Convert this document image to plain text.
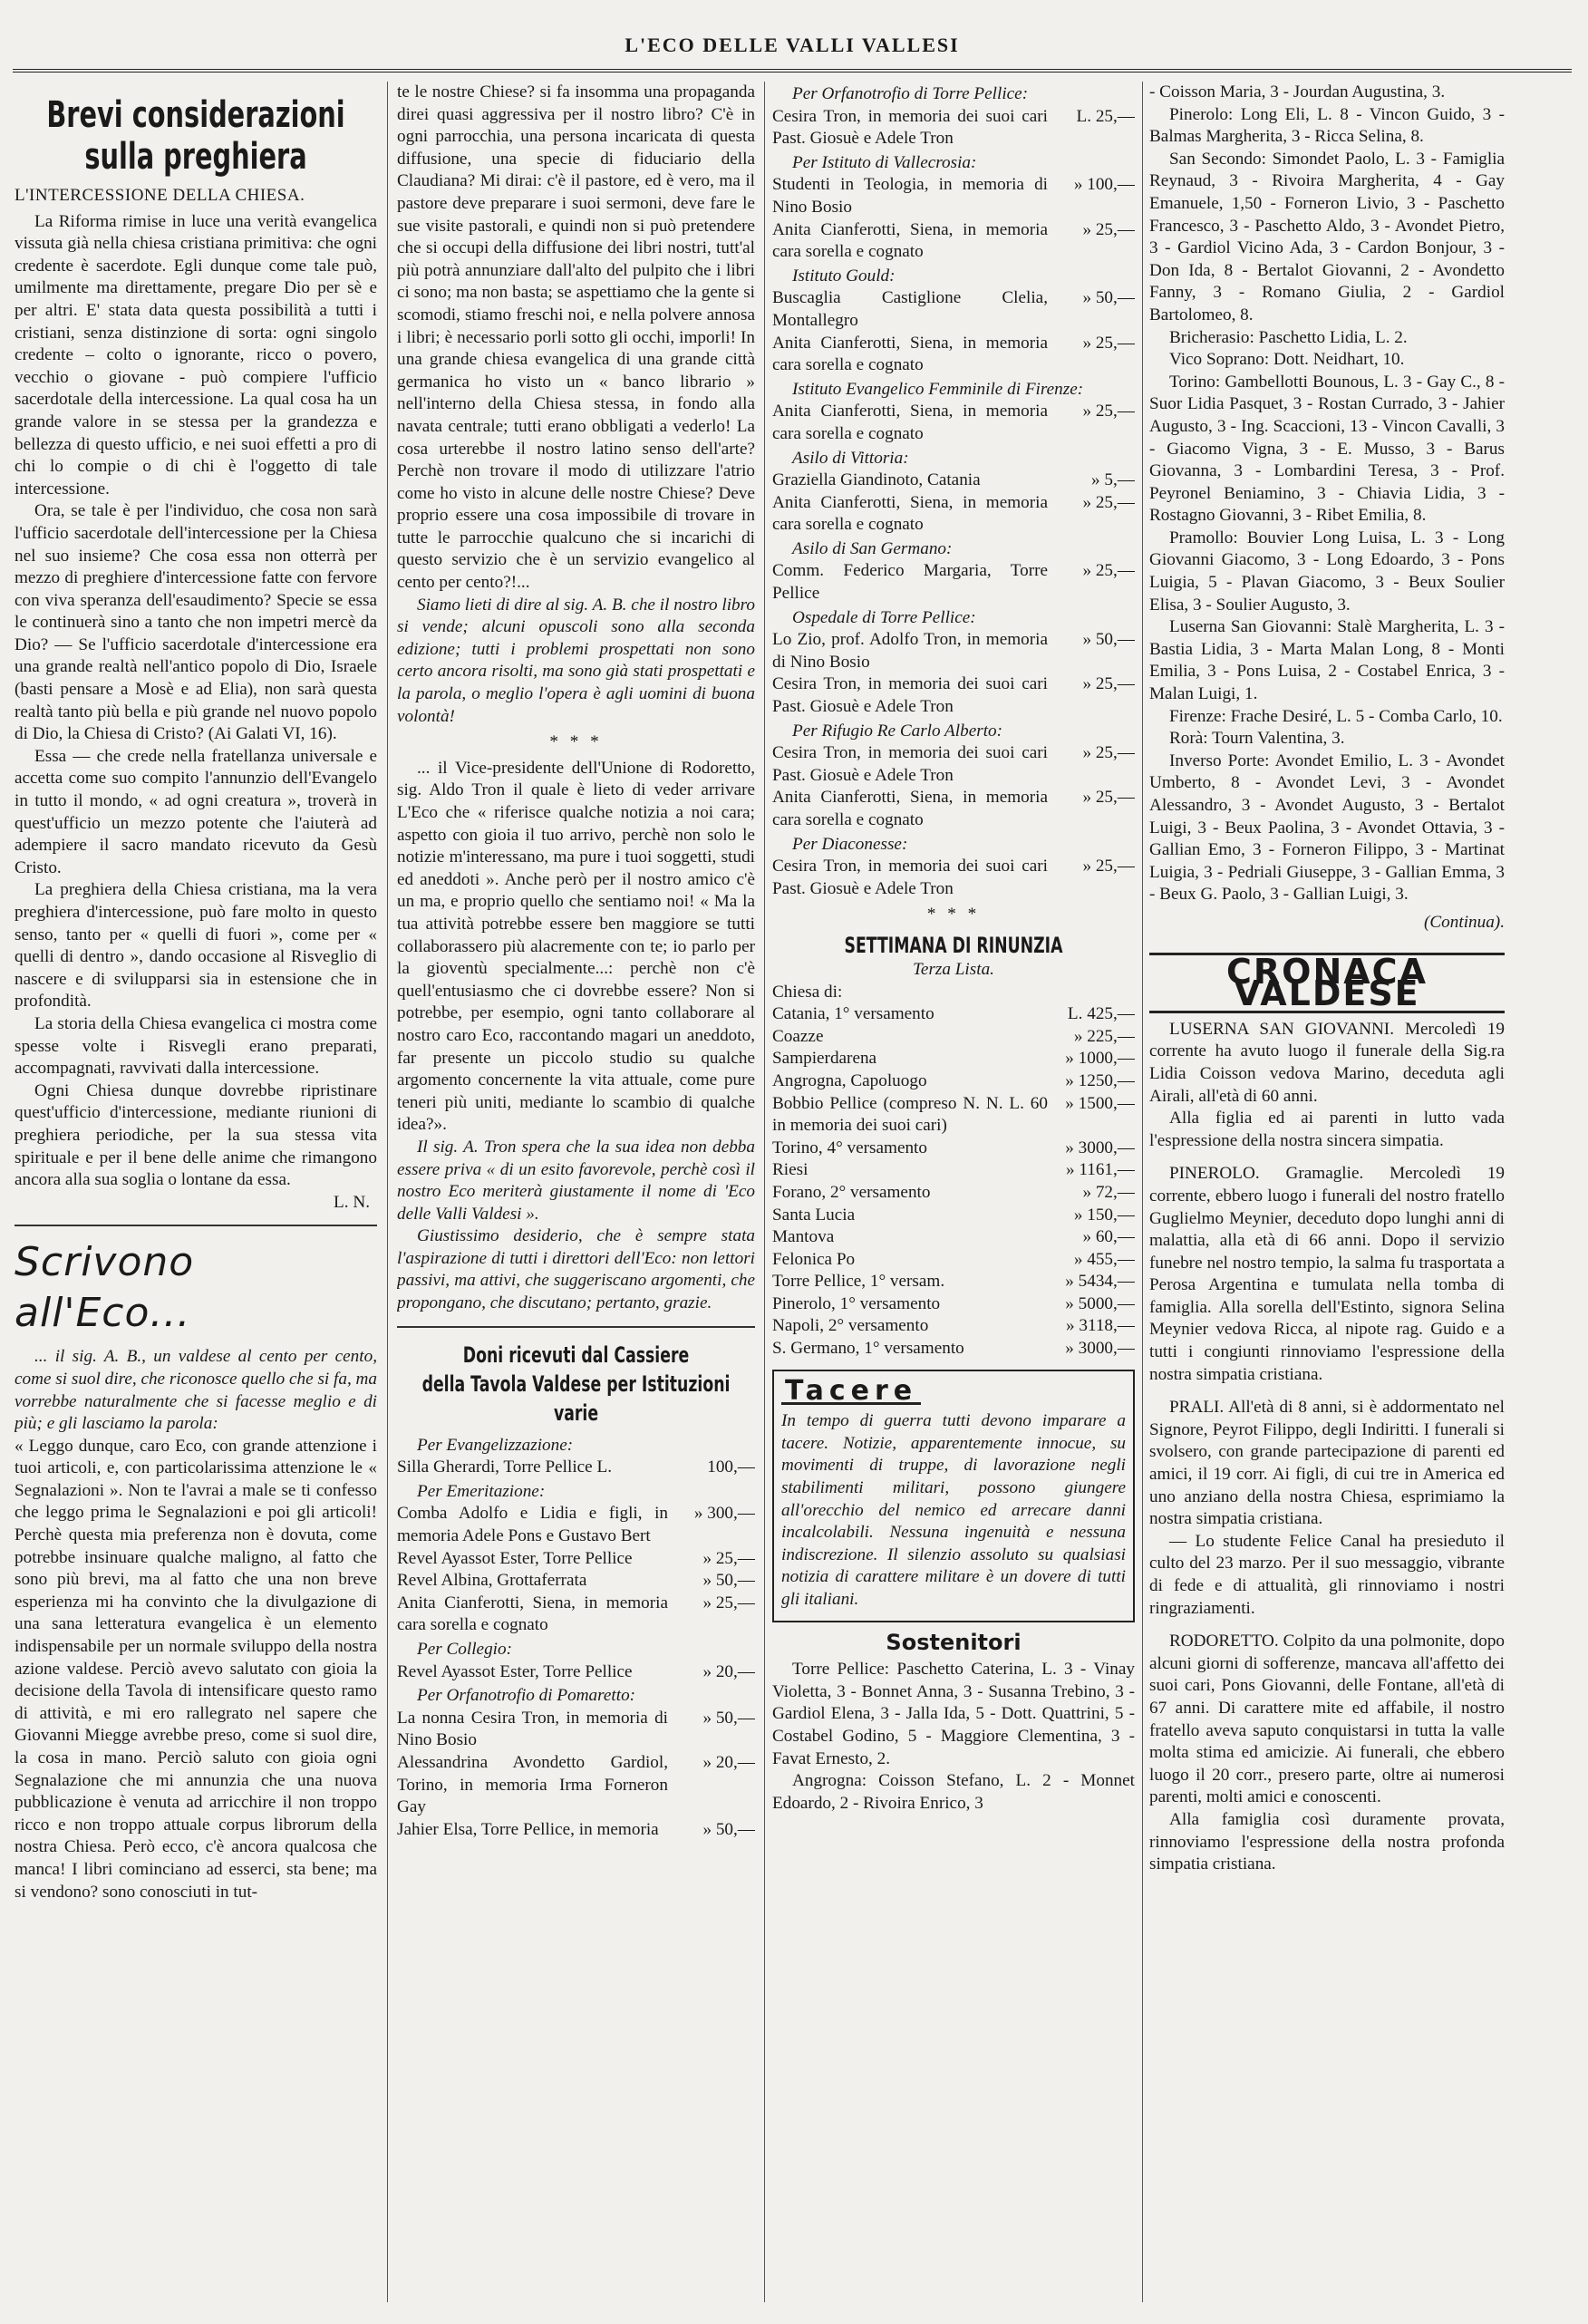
L'ECO DELLE VALLI VALLESI
Brevi considerazioni
sulla preghiera
L'INTERCESSIONE DELLA CHIESA.

La Riforma rimise in luce una verità evangelica vissuta già nella chiesa cristiana primitiva: che ogni credente è sacerdote. Egli dunque come tale può, umilmente ma direttamente, pregare Dio per sè e per altri. E' stata data questa possibilità a tutti i cristiani, senza distinzione di sorta: ogni singolo credente – colto o ignorante, ricco o povero, vecchio o giovane - può compiere l'ufficio sacerdotale della intercessione. La qual cosa ha un grande valore in se stessa per la grandezza e bellezza di questo ufficio, e nei suoi effetti a pro di chi lo compie o di chi è l'oggetto di tale intercessione.

Ora, se tale è per l'individuo, che cosa non sarà l'ufficio sacerdotale dell'intercessione per la Chiesa nel suo insieme? Che cosa essa non otterrà per mezzo di preghiere d'intercessione fatte con fervore con viva speranza dell'esaudimento? Specie se essa le continuerà sino a tanto che non impetri mercè da Dio? — Se l'ufficio sacerdotale d'intercessione era una grande realtà nell'antico popolo di Dio, Israele (basti pensare a Mosè e ad Elia), non sarà questa realtà tanto più bella e più grande nel nuovo popolo di Dio, la Chiesa di Cristo? (Ai Galati VI, 16).

Essa — che crede nella fratellanza universale e accetta come suo compito l'annunzio dell'Evangelo in tutto il mondo, « ad ogni creatura », troverà in quest'ufficio un mezzo potente che l'aiuterà ad adempiere il sacro mandato ricevuto da Gesù Cristo.

La preghiera della Chiesa cristiana, ma la vera preghiera d'intercessione, può fare molto in questo senso, tanto per « quelli di fuori », come per « quelli di dentro », dando occasione al Risveglio di nascere e di svilupparsi sia in estensione che in profondità.

La storia della Chiesa evangelica ci mostra come spesse volte i Risvegli erano preparati, accompagnati, ravvivati dalla intercessione.

Ogni Chiesa dunque dovrebbe ripristinare quest'ufficio d'intercessione, mediante riunioni di preghiera periodiche, per la sua stessa vita spirituale e per il bene delle anime che rimangono ancora alla sua soglia o lontane da essa.

L. N.
Scrivono all'Eco...

... il sig. A. B., un valdese al cento per cento, come si suol dire, che riconosce quello che si fa, ma vorrebbe naturalmente che si facesse meglio e di più; e gli lasciamo la parola:

« Leggo dunque, caro Eco, con grande attenzione i tuoi articoli, e, con particolarissima attenzione le « Segnalazioni ». Non te l'avrai a male se ti confesso che leggo prima le Segnalazioni e poi gli articoli! Perchè questa mia preferenza non è dovuta, come potrebbe insinuare qualche maligno, al fatto che sono più brevi, ma al fatto che una non breve esperienza mi ha convinto che la divulgazione di una sana letteratura evangelica è un elemento indispensabile per un normale sviluppo della nostra azione valdese. Perciò avevo salutato con gioia la decisione della Tavola di intensificare questo ramo di attività, e mi ero rallegrato nel sapere che Giovanni Miegge avrebbe preso, come si suol dire, la cosa in mano. Perciò saluto con gioia ogni Segnalazione che mi annunzia che una nuova pubblicazione è venuta ad arricchire il non troppo ricco e non troppo attuale corpus librorum della nostra Chiesa. Però ecco, c'è ancora qualcosa che manca! I libri cominciano ad esserci, sta bene; ma si vendono? sono conosciuti in tut-

te le nostre Chiese? si fa insomma una propaganda direi quasi aggressiva per il nostro libro? C'è in ogni parrocchia, una persona incaricata di questa diffusione, una specie di fiduciario della Claudiana? Mi dirai: c'è il pastore, ed è vero, ma il pastore deve preparare i suoi sermoni, deve fare le sue visite pastorali, e quindi non si può pretendere che si occupi della diffusione dei libri nostri, tutt'al più potrà annunziare dall'alto del pulpito che i libri ci sono; ma non basta; se aspettiamo che la gente si scomodi, stiamo freschi noi, e nella polvere annosa i libri; è necessario porli sotto gli occhi, imporli! In una grande chiesa evangelica di una grande città germanica ho visto un « banco librario » nell'interno della Chiesa stessa, in fondo alla navata centrale; tutti erano obbligati a vederlo! La cosa urterebbe il nostro latino senso dell'arte? Perchè non trovare il modo di utilizzare l'atrio come ho visto in alcune delle nostre Chiese? Deve proprio essere una cosa impossibile di trovare in tutte le parrocchie qualcuno che si incarichi di questo servizio che è un servizio evangelico al cento per cento?!...

Siamo lieti di dire al sig. A. B. che il nostro libro si vende; alcuni opuscoli sono alla seconda edizione; tutti i problemi prospettati non sono certo ancora risolti, ma sono già stati prospettati e la parola, o meglio l'opera è agli uomini di buona volontà!

* * *

... il Vice-presidente dell'Unione di Rodoretto, sig. Aldo Tron il quale è lieto di veder arrivare L'Eco che « riferisce qualche notizia a noi cara; aspetto con gioia il tuo arrivo, perchè non solo le notizie m'interessano, ma pure i tuoi soggetti, studi ed aneddoti ». Anche però per il nostro amico c'è un ma, e proprio quello che sentiamo noi! « Ma la tua attività potrebbe essere ben maggiore se tutti collaborassero più alacremente con te; io parlo per la gioventù specialmente...: perchè non c'è quell'entusiasmo che ci dovrebbe essere? Non si potrebbe, per esempio, ogni tanto collaborare al nostro caro Eco, raccontando magari un aneddoto, far presente un piccolo studio su qualche argomento concernente la vita attuale, come pure teneri più uniti, mediante lo scambio di qualche idea?».

Il sig. A. Tron spera che la sua idea non debba essere priva « di un esito favorevole, perchè così il nostro Eco meriterà giustamente il nome di 'Eco delle Valli Valdesi ».

Giustissimo desiderio, che è sempre stata l'aspirazione di tutti i direttori dell'Eco: non lettori passivi, ma attivi, che suggeriscano argomenti, che propongano, che discutano; pertanto, grazie.

Doni ricevuti dal Cassiere
della Tavola Valdese per Istituzioni varie
Per Evangelizzazione:
Silla Gherardi, Torre Pellice L.	100,—
Per Emeritazione:
Comba Adolfo e Lidia e figli, in memoria Adele Pons e Gustavo Bert
» 300,—
Revel Ayassot Ester, Torre Pellice	» 25,—
Revel Albina, Grottaferrata	» 50,—
Anita Cianferotti, Siena, in memoria cara sorella e cognato
» 25,—
Per Collegio:
Revel Ayassot Ester, Torre Pellice	» 20,—
Per Orfanotrofio di Pomaretto:
La nonna Cesira Tron, in memoria di Nino Bosio
» 50,—
Alessandrina Avondetto Gardiol, Torino, in memoria Irma Forneron Gay
» 20,—
Jahier Elsa, Torre Pellice, in memoria	» 50,—
Per Orfanotrofio di Torre Pellice:
Cesira Tron, in memoria dei suoi cari Past. Giosuè e Adele Tron
L. 25,—
Per Istituto di Vallecrosia:
Studenti in Teologia, in memoria di Nino Bosio
» 100,—
Anita Cianferotti, Siena, in memoria cara sorella e cognato
» 25,—
Istituto Gould:
Buscaglia Castiglione Clelia, Montallegro
» 50,—
Anita Cianferotti, Siena, in memoria cara sorella e cognato
» 25,—
Istituto Evangelico Femminile di Firenze:
Anita Cianferotti, Siena, in memoria cara sorella e cognato
» 25,—
Asilo di Vittoria:
Graziella Giandinoto, Catania	» 5,—
Anita Cianferotti, Siena, in memoria cara sorella e cognato
» 25,—
Asilo di San Germano:
Comm. Federico Margaria, Torre Pellice
» 25,—
Ospedale di Torre Pellice:
Lo Zio, prof. Adolfo Tron, in memoria di Nino Bosio
» 50,—
Cesira Tron, in memoria dei suoi cari Past. Giosuè e Adele Tron
» 25,—
Per Rifugio Re Carlo Alberto:
Cesira Tron, in memoria dei suoi cari Past. Giosuè e Adele Tron
» 25,—
Anita Cianferotti, Siena, in memoria cara sorella e cognato
» 25,—
Per Diaconesse:
Cesira Tron, in memoria dei suoi cari Past. Giosuè e Adele Tron
» 25,—
* * *
SETTIMANA DI RINUNZIA
Terza Lista.
Chiesa di:
Catania, 1° versamento	L. 425,—
Coazze	» 225,—
Sampierdarena	» 1000,—
Angrogna, Capoluogo	» 1250,—
Bobbio Pellice (compreso N. N. L. 60 in memoria dei suoi cari)
» 1500,—
Torino, 4° versamento	» 3000,—
Riesi	» 1161,—
Forano, 2° versamento	» 72,—
Santa Lucia	» 150,—
Mantova	» 60,—
Felonica Po	» 455,—
Torre Pellice, 1° versam.	» 5434,—
Pinerolo, 1° versamento	» 5000,—
Napoli, 2° versamento	» 3118,—
S. Germano, 1° versamento	» 3000,—
Tacere

In tempo di guerra tutti devono imparare a tacere. Notizie, apparentemente innocue, su movimenti di truppe, di lavorazione negli stabilimenti militari, possono giungere all'orecchio del nemico ed arrecare danni incalcolabili. Nessuna ingenuità e nessuna indiscrezione. Il silenzio assoluto su qualsiasi notizia di carattere militare è un dovere di tutti gli italiani.

Sostenitori

Torre Pellice: Paschetto Caterina, L. 3 - Vinay Violetta, 3 - Bonnet Anna, 3 - Susanna Trebino, 3 - Gardiol Elena, 3 - Jalla Ida, 5 - Dott. Quattrini, 5 - Costabel Godino, 5 - Maggiore Clementina, 3 - Favat Ernesto, 2.

Angrogna: Coisson Stefano, L. 2 - Monnet Edoardo, 2 - Rivoira Enrico, 3

- Coisson Maria, 3 - Jourdan Augustina, 3.

Pinerolo: Long Eli, L. 8 - Vincon Guido, 3 - Balmas Margherita, 3 - Ricca Selina, 8.

San Secondo: Simondet Paolo, L. 3 - Famiglia Reynaud, 3 - Rivoira Margherita, 4 - Gay Emanuele, 1,50 - Forneron Livio, 3 - Paschetto Francesco, 3 - Paschetto Aldo, 3 - Avondet Pietro, 3 - Gardiol Vicino Ada, 3 - Cardon Bonjour, 3 - Don Ida, 8 - Bertalot Giovanni, 2 - Avondetto Fanny, 3 - Romano Giulia, 2 - Gardiol Bartolomeo, 8.

Bricherasio: Paschetto Lidia, L. 2.

Vico Soprano: Dott. Neidhart, 10.

Torino: Gambellotti Bounous, L. 3 - Gay C., 8 - Suor Lidia Pasquet, 3 - Rostan Currado, 3 - Jahier Augusto, 3 - Ing. Scaccioni, 13 - Vincon Cavalli, 3 - Giacomo Vigna, 3 - E. Musso, 3 - Barus Giovanna, 3 - Lombardini Teresa, 3 - Prof. Peyronel Beniamino, 3 - Chiavia Lidia, 3 - Rostagno Giovanni, 3 - Ribet Emilia, 8.

Pramollo: Bouvier Long Luisa, L. 3 - Long Giovanni Giacomo, 3 - Long Edoardo, 3 - Pons Luigia, 5 - Plavan Giacomo, 3 - Beux Soulier Elisa, 3 - Soulier Augusto, 3.

Luserna San Giovanni: Stalè Margherita, L. 3 - Bastia Lidia, 3 - Marta Malan Long, 8 - Monti Emilia, 3 - Pons Luisa, 2 - Costabel Enrica, 3 - Malan Luigi, 1.

Firenze: Frache Desiré, L. 5 - Comba Carlo, 10.

Rorà: Tourn Valentina, 3.

Inverso Porte: Avondet Emilio, L. 3 - Avondet Umberto, 8 - Avondet Levi, 3 - Avondet Alessandro, 3 - Avondet Augusto, 3 - Bertalot Luigi, 3 - Beux Paolina, 3 - Avondet Ottavia, 3 - Gallian Emo, 3 - Forneron Filippo, 3 - Martinat Luigia, 3 - Pedriali Giuseppe, 3 - Gallian Emma, 3 - Beux G. Paolo, 3 - Gallian Luigi, 3.

(Continua).
CRONACA VALDESE

LUSERNA SAN GIOVANNI. Mercoledì 19 corrente ha avuto luogo il funerale della Sig.ra Lidia Coisson vedova Marino, deceduta agli Airali, all'età di 60 anni.

Alla figlia ed ai parenti in lutto vada l'espressione della nostra sincera simpatia.

PINEROLO. Gramaglie. Mercoledì 19 corrente, ebbero luogo i funerali del nostro fratello Guglielmo Meynier, deceduto dopo lunghi anni di malattia, alla età di 66 anni. Dopo il servizio funebre nel nostro tempio, la salma fu trasportata a Perosa Argentina e tumulata nella tomba di famiglia. Alla sorella dell'Estinto, signora Selina Meynier vedova Ricca, al nipote rag. Guido e a tutti i congiunti rinnoviamo l'espressione della nostra simpatia cristiana.

PRALI. All'età di 8 anni, si è addormentato nel Signore, Peyrot Filippo, degli Indiritti. I funerali si svolsero, con grande partecipazione di parenti ed amici, il 19 corr. Ai figli, di cui tre in America ed uno anziano della nostra Chiesa, esprimiamo la nostra simpatia cristiana.

— Lo studente Felice Canal ha presieduto il culto del 23 marzo. Per il suo messaggio, vibrante di fede e di attualità, gli rinnoviamo i nostri ringraziamenti.

RODORETTO. Colpito da una polmonite, dopo alcuni giorni di sofferenze, mancava all'affetto dei suoi cari, Pons Giovanni, delle Fontane, all'età di 67 anni. Di carattere mite ed affabile, il nostro fratello aveva saputo conquistarsi in tutta la valle molta stima ed amicizie. Ai funerali, che ebbero luogo il 20 corr., presero parte, oltre ai numerosi parenti, molti amici e conoscenti.

Alla famiglia così duramente provata, rinnoviamo l'espressione della nostra profonda simpatia cristiana.
